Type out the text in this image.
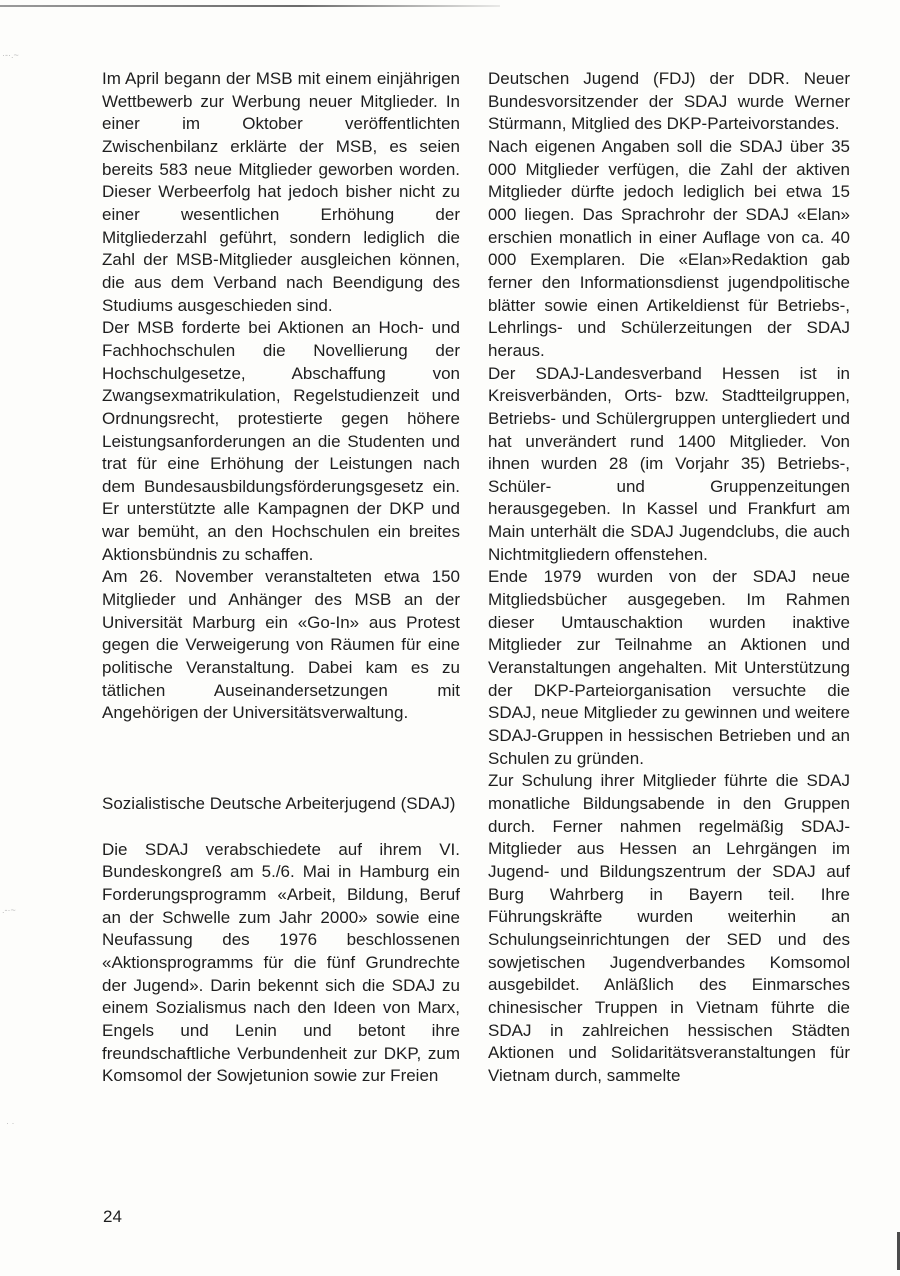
·-·.~
.-·~
· ·

Im April begann der MSB mit einem einjährigen Wettbewerb zur Werbung neuer Mitglieder. In einer im Oktober veröffentlichten Zwischenbilanz erklärte der MSB, es seien bereits 583 neue Mitglieder geworben worden. Dieser Werbeerfolg hat jedoch bisher nicht zu einer wesentlichen Erhöhung der Mitgliederzahl geführt, sondern lediglich die Zahl der MSB-Mitglieder ausgleichen können, die aus dem Verband nach Beendigung des Studiums ausgeschieden sind.

Der MSB forderte bei Aktionen an Hoch- und Fachhochschulen die Novellierung der Hochschulgesetze, Abschaffung von Zwangsexmatrikulation, Regelstudienzeit und Ordnungsrecht, protestierte gegen höhere Leistungsanforderungen an die Studenten und trat für eine Erhöhung der Leistungen nach dem Bundesausbildungsförderungsgesetz ein. Er unterstützte alle Kampagnen der DKP und war bemüht, an den Hochschulen ein breites Aktionsbündnis zu schaffen.

Am 26. November veranstalteten etwa 150 Mitglieder und Anhänger des MSB an der Universität Marburg ein «Go-In» aus Protest gegen die Verweigerung von Räumen für eine politische Veranstaltung. Dabei kam es zu tätlichen Auseinandersetzungen mit Angehörigen der Universitätsverwaltung.

Sozialistische Deutsche Arbeiterjugend (SDAJ)

Die SDAJ verabschiedete auf ihrem VI. Bundeskongreß am 5./6. Mai in Hamburg ein Forderungsprogramm «Arbeit, Bildung, Beruf an der Schwelle zum Jahr 2000» sowie eine Neufassung des 1976 beschlossenen «Aktionsprogramms für die fünf Grundrechte der Jugend». Darin bekennt sich die SDAJ zu einem Sozialismus nach den Ideen von Marx, Engels und Lenin und betont ihre freundschaftliche Verbundenheit zur DKP, zum Komsomol der Sowjetunion sowie zur Freien

Deutschen Jugend (FDJ) der DDR. Neuer Bundesvorsitzender der SDAJ wurde Werner Stürmann, Mitglied des DKP-Parteivorstandes.

Nach eigenen Angaben soll die SDAJ über 35 000 Mitglieder verfügen, die Zahl der aktiven Mitglieder dürfte jedoch lediglich bei etwa 15 000 liegen. Das Sprachrohr der SDAJ «Elan» erschien monatlich in einer Auflage von ca. 40 000 Exemplaren. Die «Elan»Redaktion gab ferner den Informationsdienst jugendpolitische blätter sowie einen Artikeldienst für Betriebs-, Lehrlings- und Schülerzeitungen der SDAJ heraus.

Der SDAJ-Landesverband Hessen ist in Kreisverbänden, Orts- bzw. Stadtteilgruppen, Betriebs- und Schülergruppen untergliedert und hat unverändert rund 1400 Mitglieder. Von ihnen wurden 28 (im Vorjahr 35) Betriebs-, Schüler- und Gruppenzeitungen herausgegeben. In Kassel und Frankfurt am Main unterhält die SDAJ Jugendclubs, die auch Nichtmitgliedern offenstehen.

Ende 1979 wurden von der SDAJ neue Mitgliedsbücher ausgegeben. Im Rahmen dieser Umtauschaktion wurden inaktive Mitglieder zur Teilnahme an Aktionen und Veranstaltungen angehalten. Mit Unterstützung der DKP-Parteiorganisation versuchte die SDAJ, neue Mitglieder zu gewinnen und weitere SDAJ-Gruppen in hessischen Betrieben und an Schulen zu gründen.

Zur Schulung ihrer Mitglieder führte die SDAJ monatliche Bildungsabende in den Gruppen durch. Ferner nahmen regelmäßig SDAJ-Mitglieder aus Hessen an Lehrgängen im Jugend- und Bildungszentrum der SDAJ auf Burg Wahrberg in Bayern teil. Ihre Führungskräfte wurden weiterhin an Schulungseinrichtungen der SED und des sowjetischen Jugendverbandes Komsomol ausgebildet. Anläßlich des Einmarsches chinesischer Truppen in Vietnam führte die SDAJ in zahlreichen hessischen Städten Aktionen und Solidaritätsveranstaltungen für Vietnam durch, sammelte

24
